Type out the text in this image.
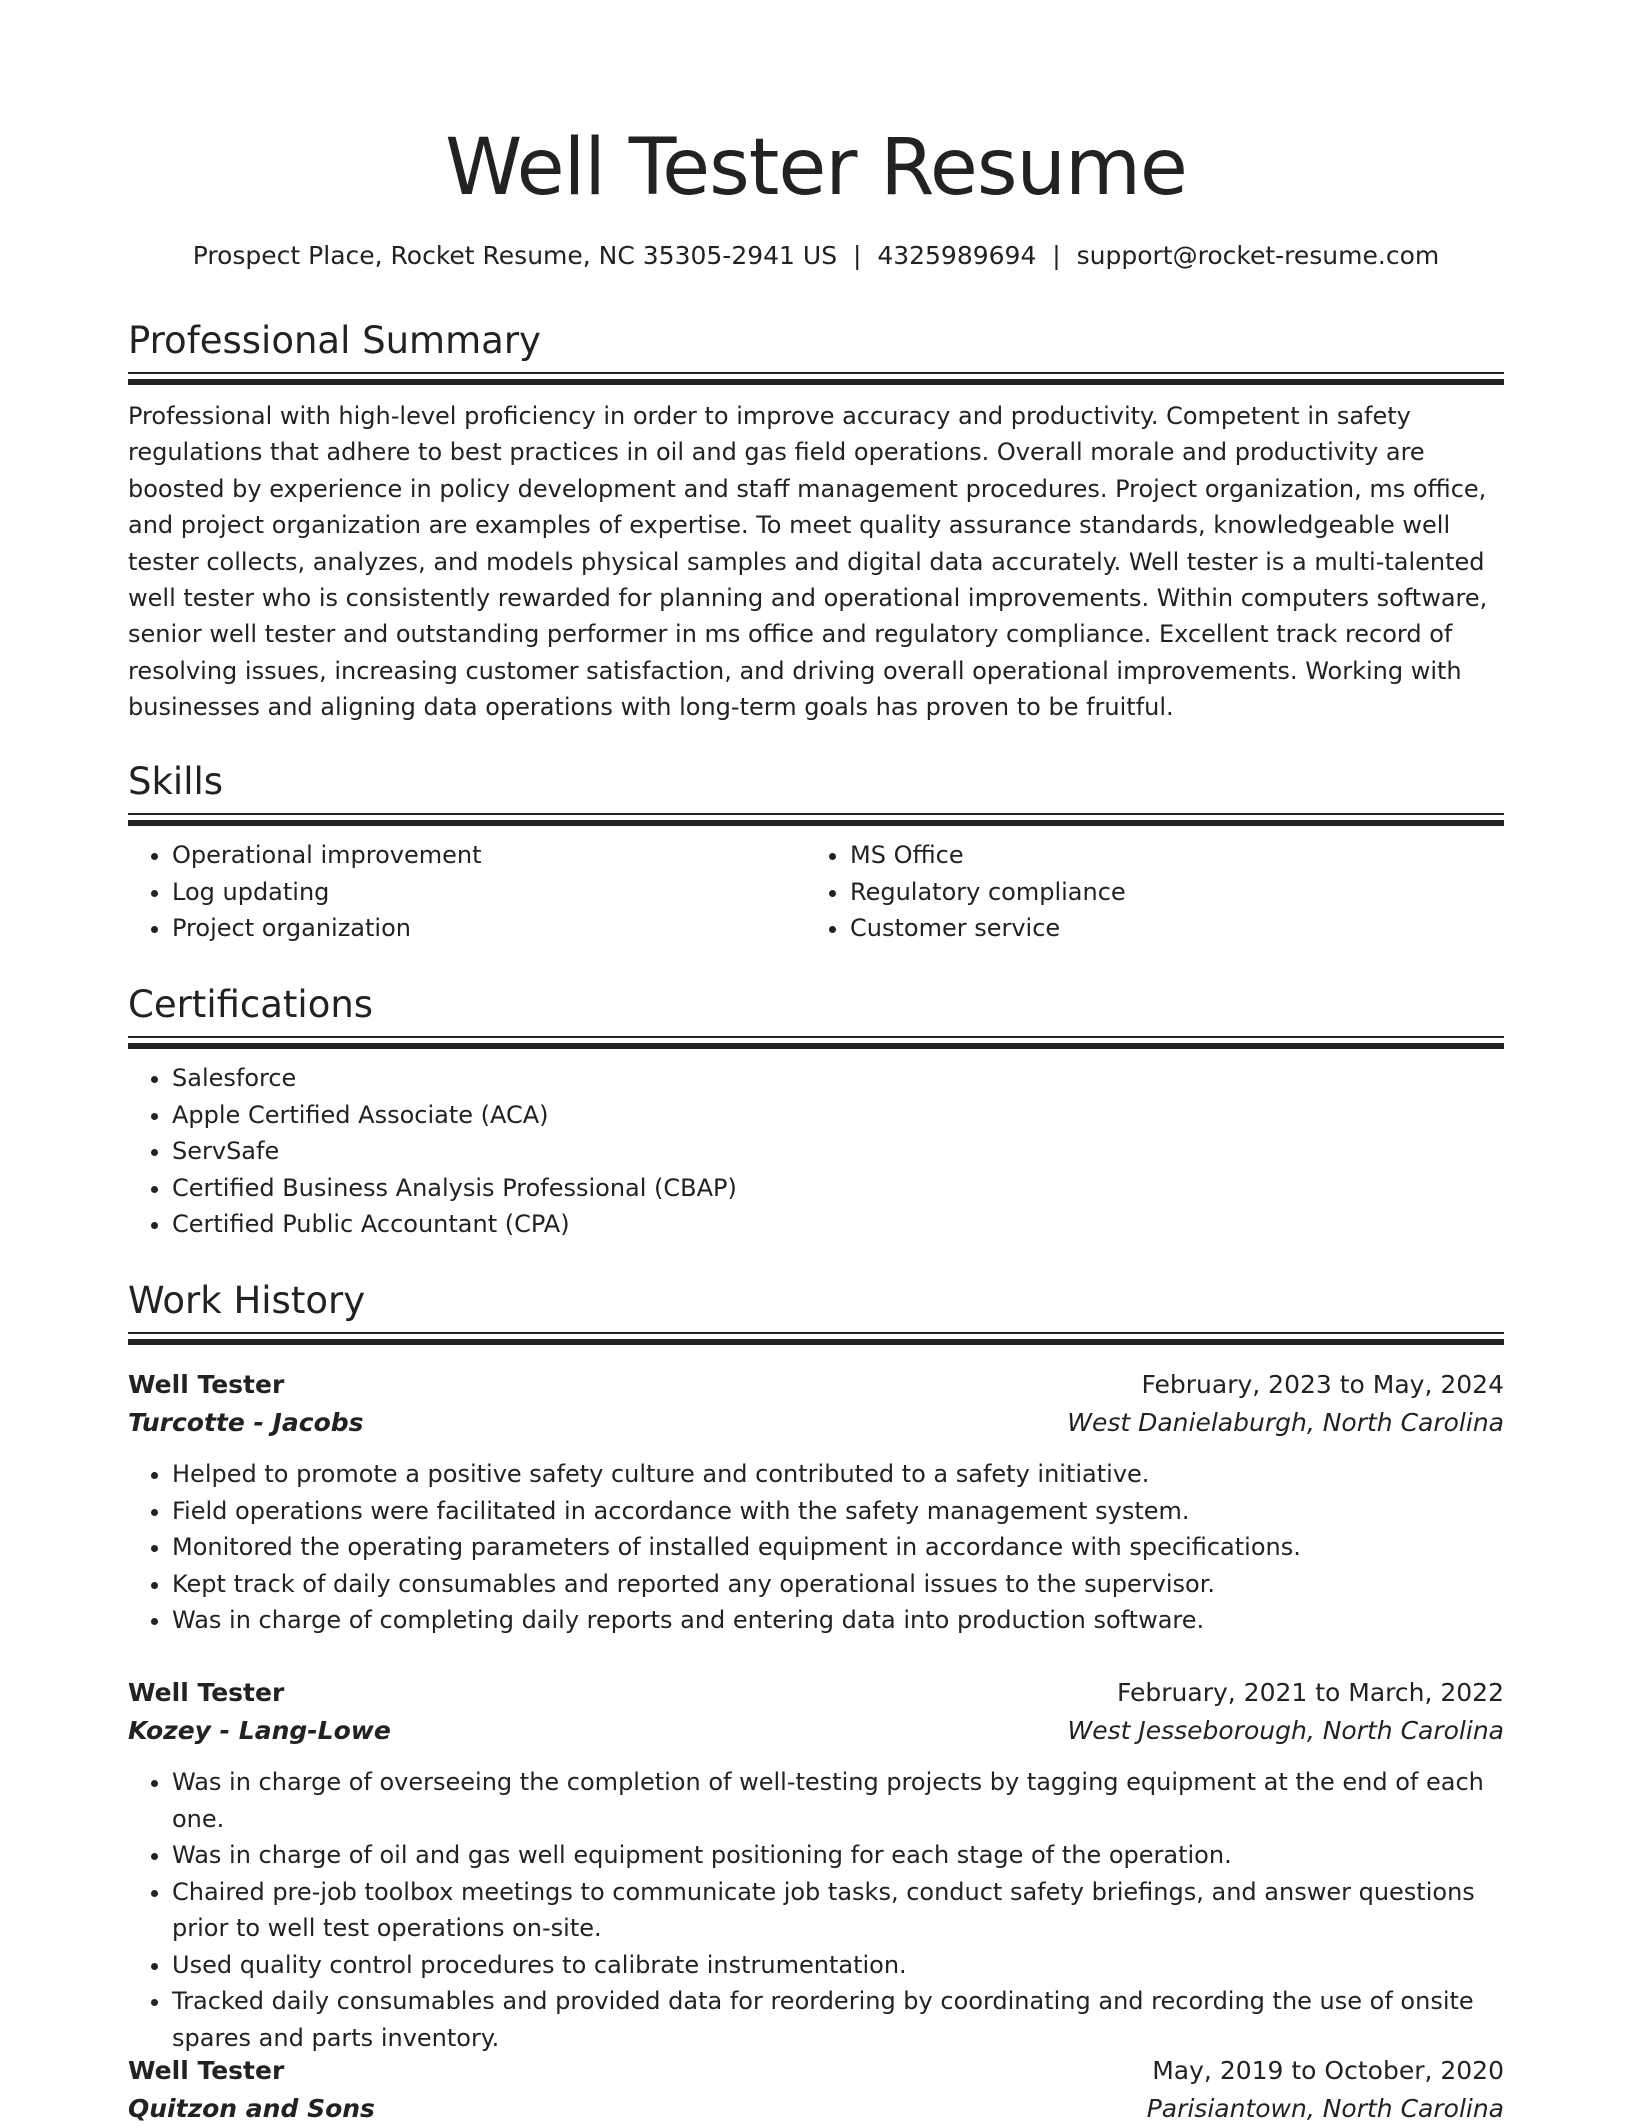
Well Tester Resume
Prospect Place, Rocket Resume, NC 35305-2941 US | 4325989694 | support@rocket-resume.com
Professional Summary

Professional with high-level proficiency in order to improve accuracy and productivity. Competent in safety regulations that adhere to best practices in oil and gas field operations. Overall morale and productivity are boosted by experience in policy development and staff management procedures. Project organization, ms office, and project organization are examples of expertise. To meet quality assurance standards, knowledgeable well tester collects, analyzes, and models physical samples and digital data accurately. Well tester is a multi-talented well tester who is consistently rewarded for planning and operational improvements. Within computers software, senior well tester and outstanding performer in ms office and regulatory compliance. Excellent track record of resolving issues, increasing customer satisfaction, and driving overall operational improvements. Working with businesses and aligning data operations with long-term goals has proven to be fruitful.

Skills
• Operational improvement
• Log updating
• Project organization
• MS Office
• Regulatory compliance
• Customer service
Certifications
• Salesforce
• Apple Certified Associate (ACA)
• ServSafe
• Certified Business Analysis Professional (CBAP)
• Certified Public Accountant (CPA)
Work History
Well Tester	February, 2023 to May, 2024
Turcotte - Jacobs	West Danielaburgh, North Carolina
• Helped to promote a positive safety culture and contributed to a safety initiative.
• Field operations were facilitated in accordance with the safety management system.
• Monitored the operating parameters of installed equipment in accordance with specifications.
• Kept track of daily consumables and reported any operational issues to the supervisor.
• Was in charge of completing daily reports and entering data into production software.
Well Tester	February, 2021 to March, 2022
Kozey - Lang-Lowe	West Jesseborough, North Carolina
• Was in charge of overseeing the completion of well-testing projects by tagging equipment at the end of each one.
• Was in charge of oil and gas well equipment positioning for each stage of the operation.
• Chaired pre-job toolbox meetings to communicate job tasks, conduct safety briefings, and answer questions prior to well test operations on-site.
• Used quality control procedures to calibrate instrumentation.
• Tracked daily consumables and provided data for reordering by coordinating and recording the use of onsite spares and parts inventory.
Well Tester	May, 2019 to October, 2020
Quitzon and Sons	Parisiantown, North Carolina
